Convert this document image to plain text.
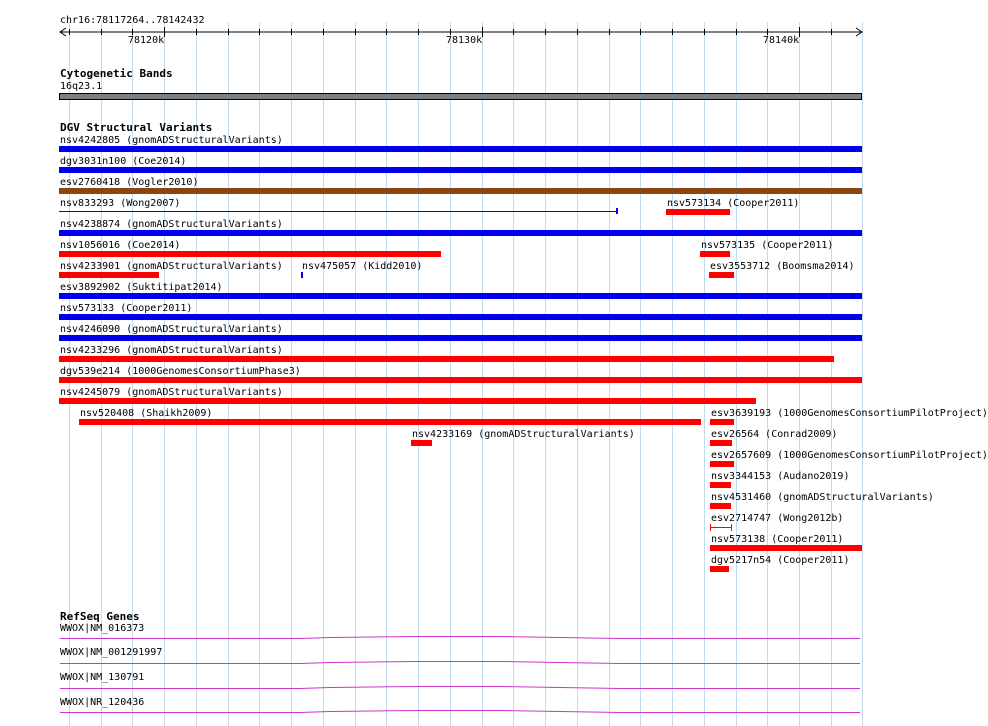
chr16:78117264..78142432
78120k	78130k	78140k
Cytogenetic Bands
16q23.1
DGV Structural Variants
nsv4242805 (gnomADStructuralVariants)
dgv3031n100 (Coe2014)
esv2760418 (Vogler2010)
nsv833293 (Wong2007)	nsv573134 (Cooper2011)
nsv4238874 (gnomADStructuralVariants)
nsv1056016 (Coe2014)	nsv573135 (Cooper2011)
nsv4233901 (gnomADStructuralVariants) nsv475057 (Kidd2010)	esv3553712 (Boomsma2014)
esv3892902 (Suktitipat2014)
nsv573133 (Cooper2011)
nsv4246090 (gnomADStructuralVariants)
nsv4233296 (gnomADStructuralVariants)
dgv539e214 (1000GenomesConsortiumPhase3)
nsv4245079 (gnomADStructuralVariants)
nsv520408 (Shaikh2009)	esv3639193 (1000GenomesConsortiumPilotProject)
nsv4233169 (gnomADStructuralVariants)	esv26564 (Conrad2009)
esv2657609 (1000GenomesConsortiumPilotProject)
nsv3344153 (Audano2019)
nsv4531460 (gnomADStructuralVariants)
esv2714747 (Wong2012b)
nsv573138 (Cooper2011)
dgv5217n54 (Cooper2011)
RefSeq Genes
WWOX|NM_016373
WWOX|NM_001291997
WWOX|NM_130791
WWOX|NR_120436
